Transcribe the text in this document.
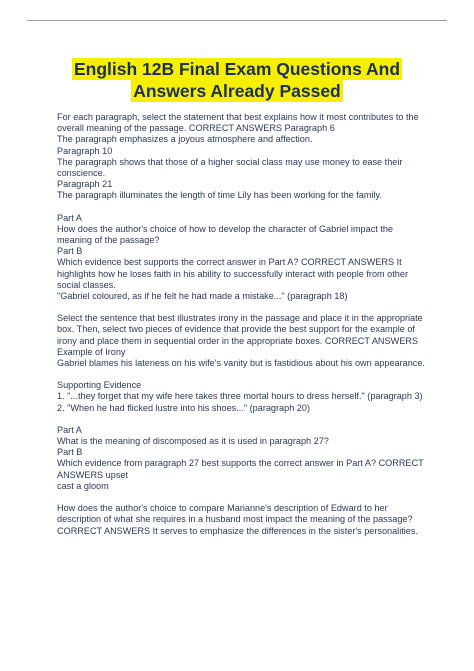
English 12B Final Exam Questions And
Answers Already Passed

For each paragraph, select the statement that best explains how it most contributes to the overall meaning of the passage. CORRECT ANSWERS Paragraph 6

The paragraph emphasizes a joyous atmosphere and affection.

Paragraph 10

The paragraph shows that those of a higher social class may use money to ease their conscience.

Paragraph 21

The paragraph illuminates the length of time Lily has been working for the family.

Part A

How does the author's choice of how to develop the character of Gabriel impact the meaning of the passage?

Part B

Which evidence best supports the correct answer in Part A? CORRECT ANSWERS It highlights how he loses faith in his ability to successfully interact with people from other social classes.

"Gabriel coloured, as if he felt he had made a mistake..." (paragraph 18)

Select the sentence that best illustrates irony in the passage and place it in the appropriate box. Then, select two pieces of evidence that provide the best support for the example of irony and place them in sequential order in the appropriate boxes. CORRECT ANSWERS Example of Irony

Gabriel blames his lateness on his wife's vanity but is fastidious about his own appearance.

Supporting Evidence

1. "...they forget that my wife here takes three mortal hours to dress herself." (paragraph 3)

2. "When he had flicked lustre into his shoes..." (paragraph 20)

Part A

What is the meaning of discomposed as it is used in paragraph 27?

Part B

Which evidence from paragraph 27 best supports the correct answer in Part A? CORRECT ANSWERS upset

cast a gloom

How does the author's choice to compare Marianne's description of Edward to her description of what she requires in a husband most impact the meaning of the passage? CORRECT ANSWERS It serves to emphasize the differences in the sister's personalities.
